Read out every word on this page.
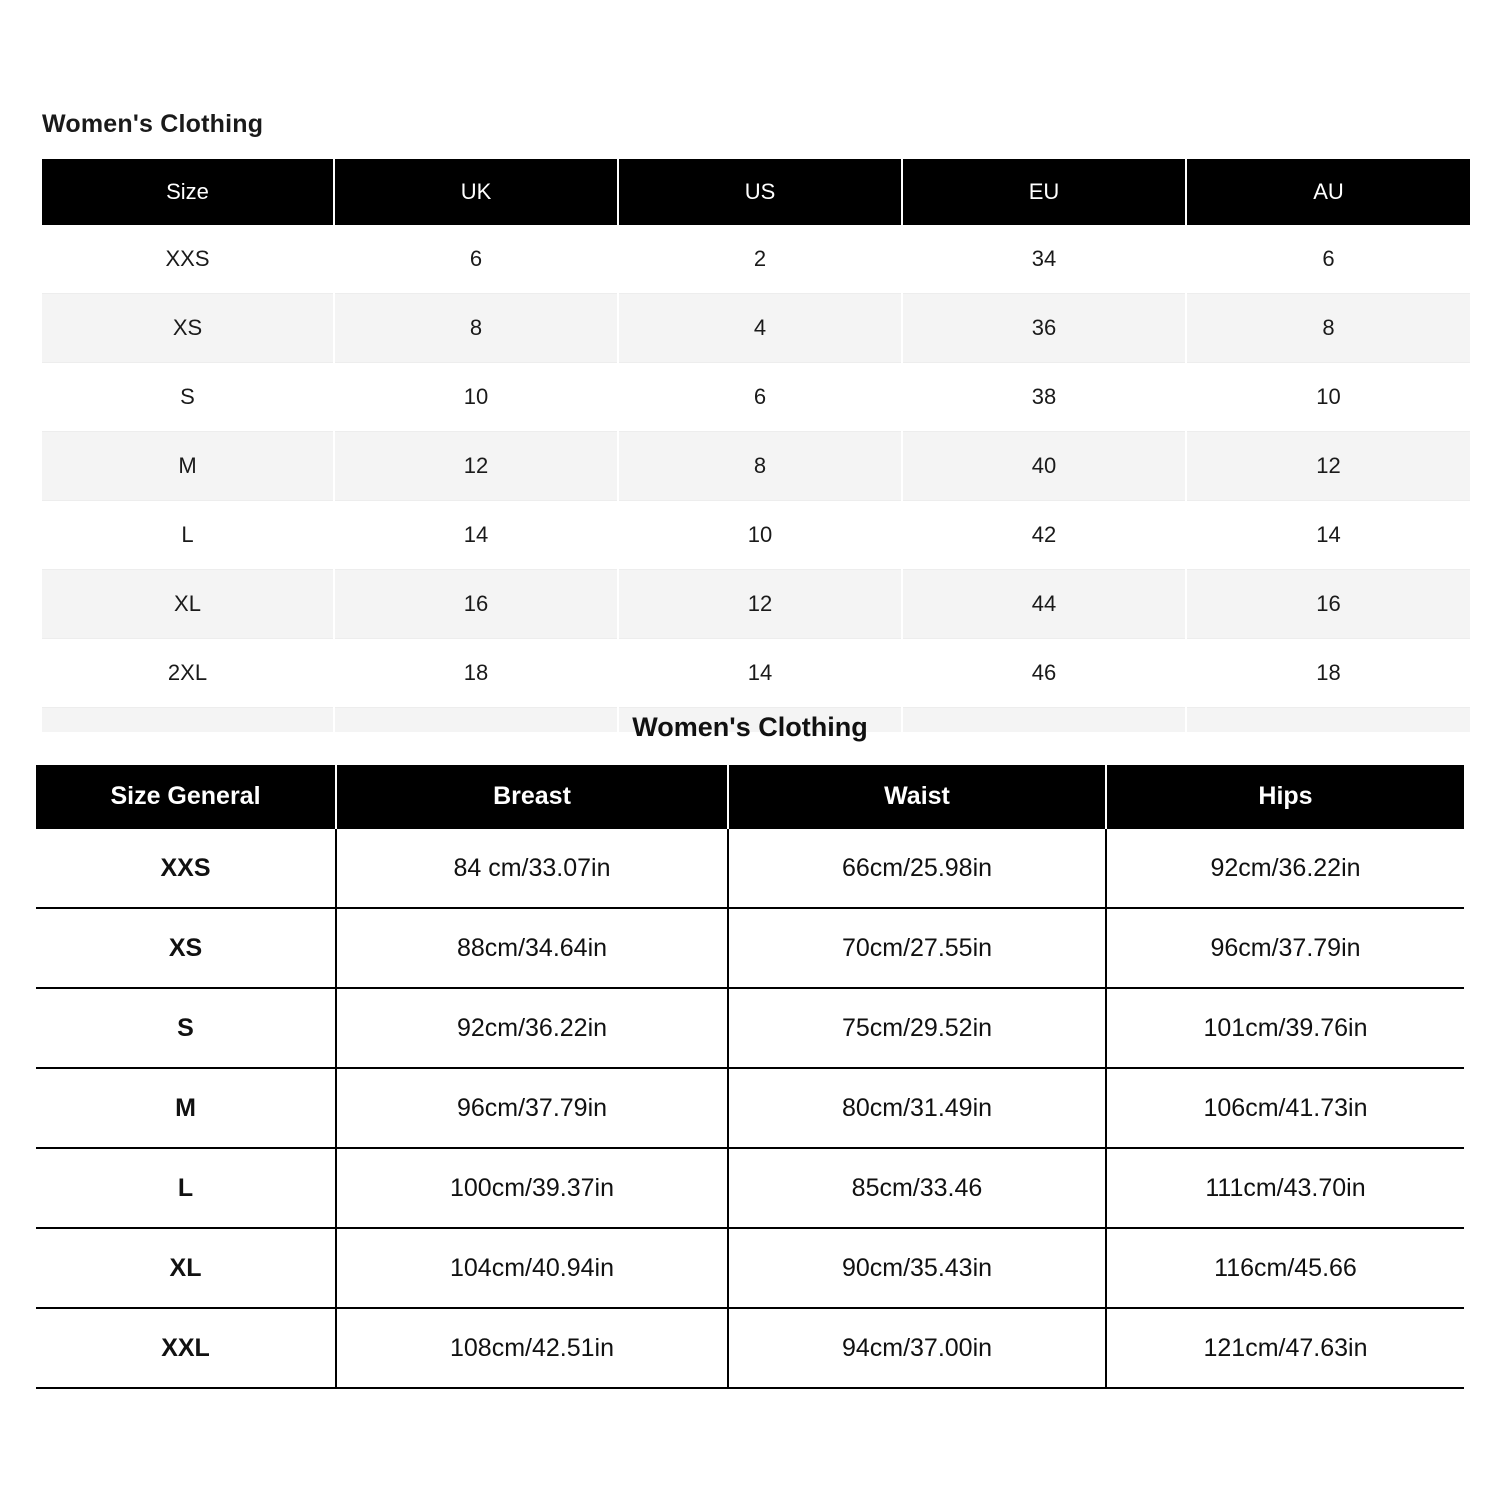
Women's Clothing
Size	UK	US	EU	AU
XXS	6	2	34	6
XS	8	4	36	8
S	10	6	38	10
M	12	8	40	12
L	14	10	42	14
XL	16	12	44	16
2XL	18	14	46	18

Women's Clothing
Size General	Breast	Waist	Hips
XXS	84 cm/33.07in	66cm/25.98in	92cm/36.22in
XS	88cm/34.64in	70cm/27.55in	96cm/37.79in
S	92cm/36.22in	75cm/29.52in	101cm/39.76in
M	96cm/37.79in	80cm/31.49in	106cm/41.73in
L	100cm/39.37in	85cm/33.46	111cm/43.70in
XL	104cm/40.94in	90cm/35.43in	116cm/45.66
XXL	108cm/42.51in	94cm/37.00in	121cm/47.63in
